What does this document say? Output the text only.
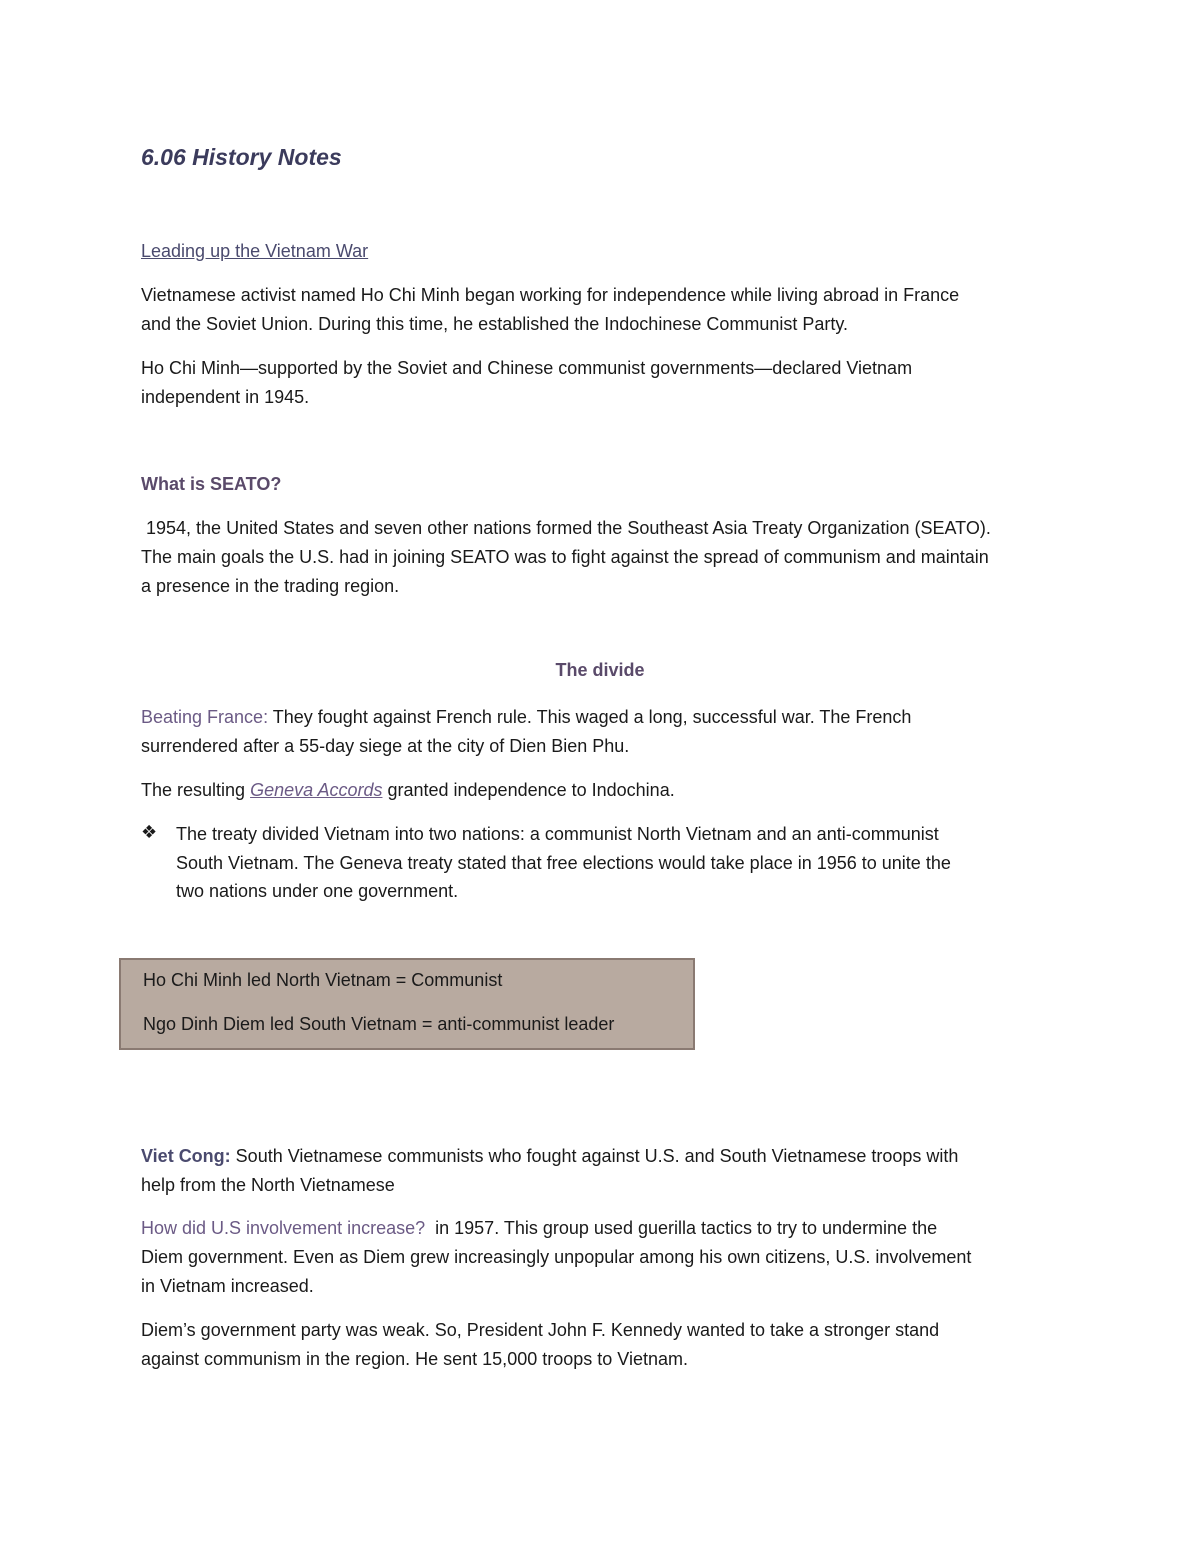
6.06 History Notes
Leading up the Vietnam War
Vietnamese activist named Ho Chi Minh began working for independence while living abroad in France
and the Soviet Union. During this time, he established the Indochinese Communist Party.
Ho Chi Minh—supported by the Soviet and Chinese communist governments—declared Vietnam
independent in 1945.
What is SEATO?
1954, the United States and seven other nations formed the Southeast Asia Treaty Organization (SEATO).
The main goals the U.S. had in joining SEATO was to fight against the spread of communism and maintain
a presence in the trading region.
The divide
Beating France: They fought against French rule. This waged a long, successful war. The French
surrendered after a 55-day siege at the city of Dien Bien Phu.
The resulting Geneva Accords granted independence to Indochina.
❖ The treaty divided Vietnam into two nations: a communist North Vietnam and an anti-communist
South Vietnam. The Geneva treaty stated that free elections would take place in 1956 to unite the
two nations under one government.
Ho Chi Minh led North Vietnam = Communist
Ngo Dinh Diem led South Vietnam = anti-communist leader
Viet Cong: South Vietnamese communists who fought against U.S. and South Vietnamese troops with
help from the North Vietnamese
How did U.S involvement increase?  in 1957. This group used guerilla tactics to try to undermine the
Diem government. Even as Diem grew increasingly unpopular among his own citizens, U.S. involvement
in Vietnam increased.
Diem’s government party was weak. So, President John F. Kennedy wanted to take a stronger stand
against communism in the region. He sent 15,000 troops to Vietnam.
